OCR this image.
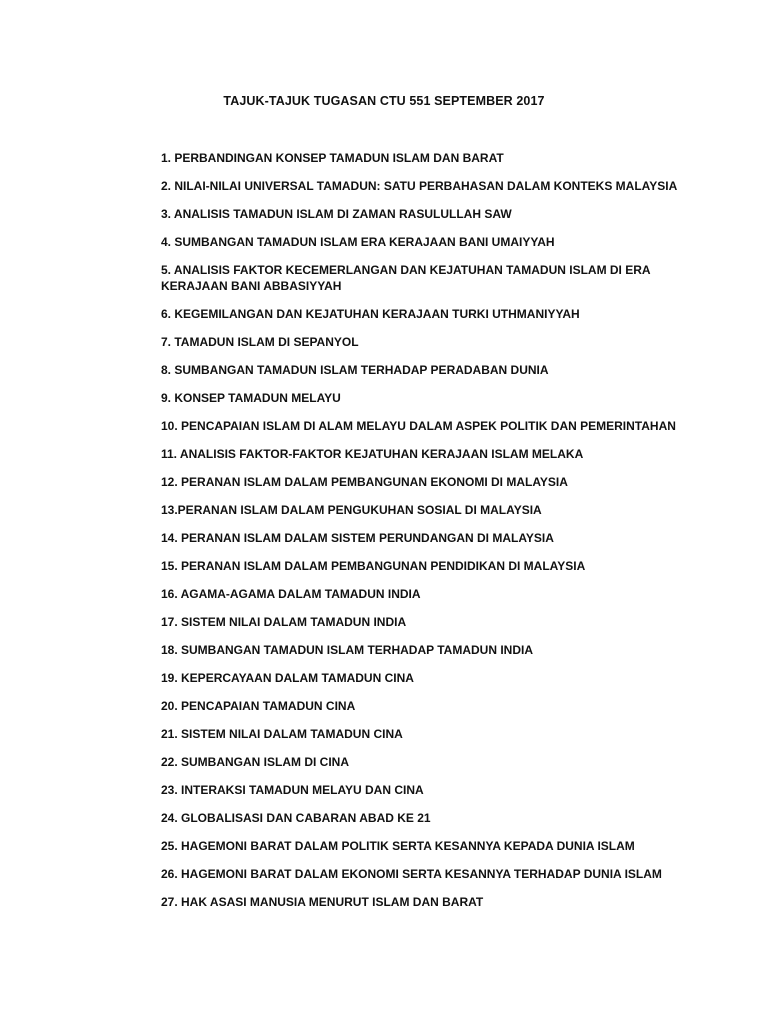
TAJUK-TAJUK TUGASAN CTU 551 SEPTEMBER 2017
1. PERBANDINGAN KONSEP TAMADUN ISLAM DAN BARAT
2. NILAI-NILAI UNIVERSAL TAMADUN: SATU PERBAHASAN DALAM KONTEKS MALAYSIA
3. ANALISIS TAMADUN ISLAM DI ZAMAN RASULULLAH SAW
4. SUMBANGAN TAMADUN ISLAM ERA KERAJAAN BANI UMAIYYAH
5. ANALISIS FAKTOR KECEMERLANGAN DAN KEJATUHAN TAMADUN ISLAM DI ERA KERAJAAN BANI ABBASIYYAH
6. KEGEMILANGAN DAN KEJATUHAN KERAJAAN TURKI UTHMANIYYAH
7. TAMADUN ISLAM DI SEPANYOL
8. SUMBANGAN TAMADUN ISLAM TERHADAP PERADABAN DUNIA
9. KONSEP TAMADUN MELAYU
10. PENCAPAIAN ISLAM DI ALAM MELAYU DALAM ASPEK POLITIK DAN PEMERINTAHAN
11. ANALISIS FAKTOR-FAKTOR KEJATUHAN KERAJAAN ISLAM MELAKA
12. PERANAN ISLAM DALAM PEMBANGUNAN EKONOMI DI MALAYSIA
13.PERANAN ISLAM DALAM PENGUKUHAN SOSIAL DI MALAYSIA
14. PERANAN ISLAM DALAM SISTEM PERUNDANGAN DI MALAYSIA
15. PERANAN ISLAM DALAM PEMBANGUNAN PENDIDIKAN DI MALAYSIA
16. AGAMA-AGAMA DALAM TAMADUN INDIA
17. SISTEM NILAI DALAM TAMADUN INDIA
18. SUMBANGAN TAMADUN ISLAM TERHADAP TAMADUN INDIA
19. KEPERCAYAAN DALAM TAMADUN CINA
20. PENCAPAIAN TAMADUN CINA
21. SISTEM NILAI DALAM TAMADUN CINA
22. SUMBANGAN ISLAM DI CINA
23. INTERAKSI TAMADUN MELAYU DAN CINA
24. GLOBALISASI DAN CABARAN ABAD KE 21
25. HAGEMONI BARAT DALAM POLITIK SERTA KESANNYA KEPADA DUNIA ISLAM
26. HAGEMONI BARAT DALAM EKONOMI SERTA KESANNYA TERHADAP DUNIA ISLAM
27. HAK ASASI MANUSIA MENURUT ISLAM DAN BARAT
